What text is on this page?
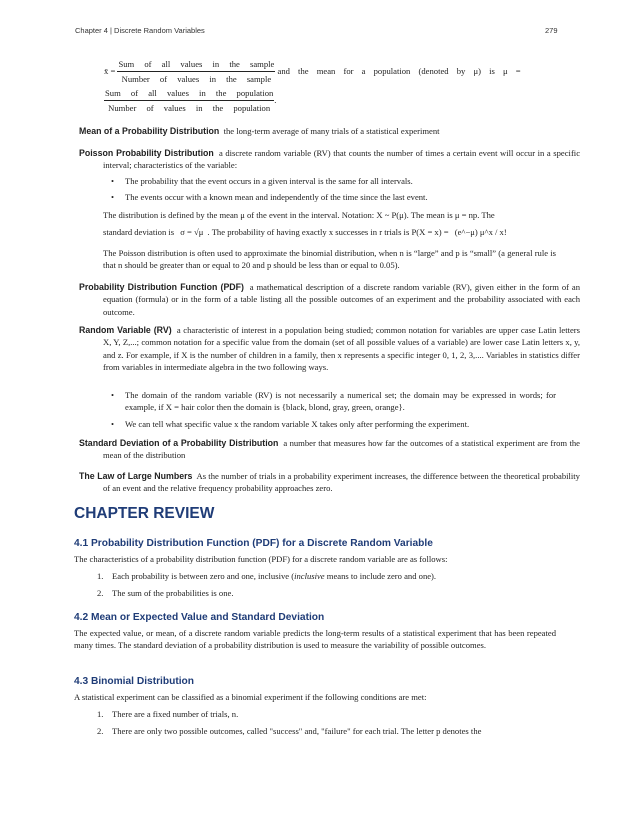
Chapter 4 | Discrete Random Variables	279
x̄ = $\frac{\text{Sum of all values in the sample}}{\text{Number of values in the sample}}$ and the mean for a population (denoted by μ) is μ =
$\frac{\text{Sum of all values in the population}}{\text{Number of values in the population}}$ .
Mean of a Probability Distribution the long-term average of many trials of a statistical experiment
Poisson Probability Distribution a discrete random variable (RV) that counts the number of times a certain event will occur in a specific interval; characteristics of the variable:
• The probability that the event occurs in a given interval is the same for all intervals.
• The events occur with a known mean and independently of the time since the last event.
The distribution is defined by the mean μ of the event in the interval. Notation: X ~ P(μ). The mean is μ = np. The
standard deviation is σ = √μ . The probability of having exactly x successes in r trials is P(X = x) = (e^−μ) μ^x / x!
The Poisson distribution is often used to approximate the binomial distribution, when n is “large” and p is “small” (a general rule is that n should be greater than or equal to 20 and p should be less than or equal to 0.05).
Probability Distribution Function (PDF) a mathematical description of a discrete random variable (RV), given either in the form of an equation (formula) or in the form of a table listing all the possible outcomes of an experiment and the probability associated with each outcome.
Random Variable (RV) a characteristic of interest in a population being studied; common notation for variables are upper case Latin letters X, Y, Z,...; common notation for a specific value from the domain (set of all possible values of a variable) are lower case Latin letters x, y, and z. For example, if X is the number of children in a family, then x represents a specific integer 0, 1, 2, 3,.... Variables in statistics differ from variables in intermediate algebra in the two following ways.
• The domain of the random variable (RV) is not necessarily a numerical set; the domain may be expressed in words; for example, if X = hair color then the domain is {black, blond, gray, green, orange}.
• We can tell what specific value x the random variable X takes only after performing the experiment.
Standard Deviation of a Probability Distribution a number that measures how far the outcomes of a statistical experiment are from the mean of the distribution
The Law of Large Numbers As the number of trials in a probability experiment increases, the difference between the theoretical probability of an event and the relative frequency probability approaches zero.
CHAPTER REVIEW
4.1 Probability Distribution Function (PDF) for a Discrete Random Variable
The characteristics of a probability distribution function (PDF) for a discrete random variable are as follows:
1. Each probability is between zero and one, inclusive (inclusive means to include zero and one).
2. The sum of the probabilities is one.
4.2 Mean or Expected Value and Standard Deviation
The expected value, or mean, of a discrete random variable predicts the long-term results of a statistical experiment that has been repeated many times. The standard deviation of a probability distribution is used to measure the variability of possible outcomes.
4.3 Binomial Distribution
A statistical experiment can be classified as a binomial experiment if the following conditions are met:
1. There are a fixed number of trials, n.
2. There are only two possible outcomes, called "success" and, "failure" for each trial. The letter p denotes the
